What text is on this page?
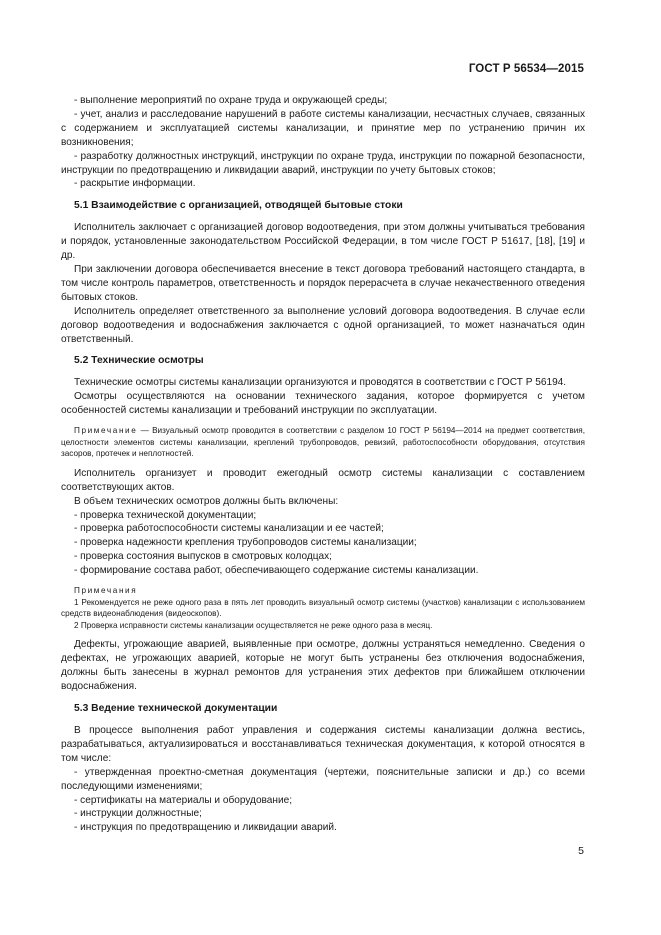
ГОСТ Р 56534—2015

- выполнение мероприятий по охране труда и окружающей среды;

- учет, анализ и расследование нарушений в работе системы канализации, несчастных случаев, связанных с содержанием и эксплуатацией системы канализации, и принятие мер по устранению причин их возникновения;

- разработку должностных инструкций, инструкции по охране труда, инструкции по пожарной безопасности, инструкции по предотвращению и ликвидации аварий, инструкции по учету бытовых стоков;

- раскрытие информации.

5.1 Взаимодействие с организацией, отводящей бытовые стоки

Исполнитель заключает с организацией договор водоотведения, при этом должны учитываться требования и порядок, установленные законодательством Российской Федерации, в том числе ГОСТ Р 51617, [18], [19] и др.

При заключении договора обеспечивается внесение в текст договора требований настоящего стандарта, в том числе контроль параметров, ответственность и порядок перерасчета в случае некачественного отведения бытовых стоков.

Исполнитель определяет ответственного за выполнение условий договора водоотведения. В случае если договор водоотведения и водоснабжения заключается с одной организацией, то может назначаться один ответственный.

5.2 Технические осмотры

Технические осмотры системы канализации организуются и проводятся в соответствии с ГОСТ Р 56194.

Осмотры осуществляются на основании технического задания, которое формируется с учетом особенностей системы канализации и требований инструкции по эксплуатации.

Примечание — Визуальный осмотр проводится в соответствии с разделом 10 ГОСТ Р 56194—2014 на предмет соответствия, целостности элементов системы канализации, креплений трубопроводов, ревизий, работоспособности оборудования, отсутствия засоров, протечек и неплотностей.

Исполнитель организует и проводит ежегодный осмотр системы канализации с составлением соответствующих актов.

В объем технических осмотров должны быть включены:

- проверка технической документации;

- проверка работоспособности системы канализации и ее частей;

- проверка надежности крепления трубопроводов системы канализации;

- проверка состояния выпусков в смотровых колодцах;

- формирование состава работ, обеспечивающего содержание системы канализации.

Примечания

1 Рекомендуется не реже одного раза в пять лет проводить визуальный осмотр системы (участков) канализации с использованием средств видеонаблюдения (видеоскопов).

2 Проверка исправности системы канализации осуществляется не реже одного раза в месяц.

Дефекты, угрожающие аварией, выявленные при осмотре, должны устраняться немедленно. Сведения о дефектах, не угрожающих аварией, которые не могут быть устранены без отключения водоснабжения, должны быть занесены в журнал ремонтов для устранения этих дефектов при ближайшем отключении водоснабжения.

5.3 Ведение технической документации

В процессе выполнения работ управления и содержания системы канализации должна вестись, разрабатываться, актуализироваться и восстанавливаться техническая документация, к которой относятся в том числе:

- утвержденная проектно-сметная документация (чертежи, пояснительные записки и др.) со всеми последующими изменениями;

- сертификаты на материалы и оборудование;

- инструкции должностные;

- инструкция по предотвращению и ликвидации аварий.

5
